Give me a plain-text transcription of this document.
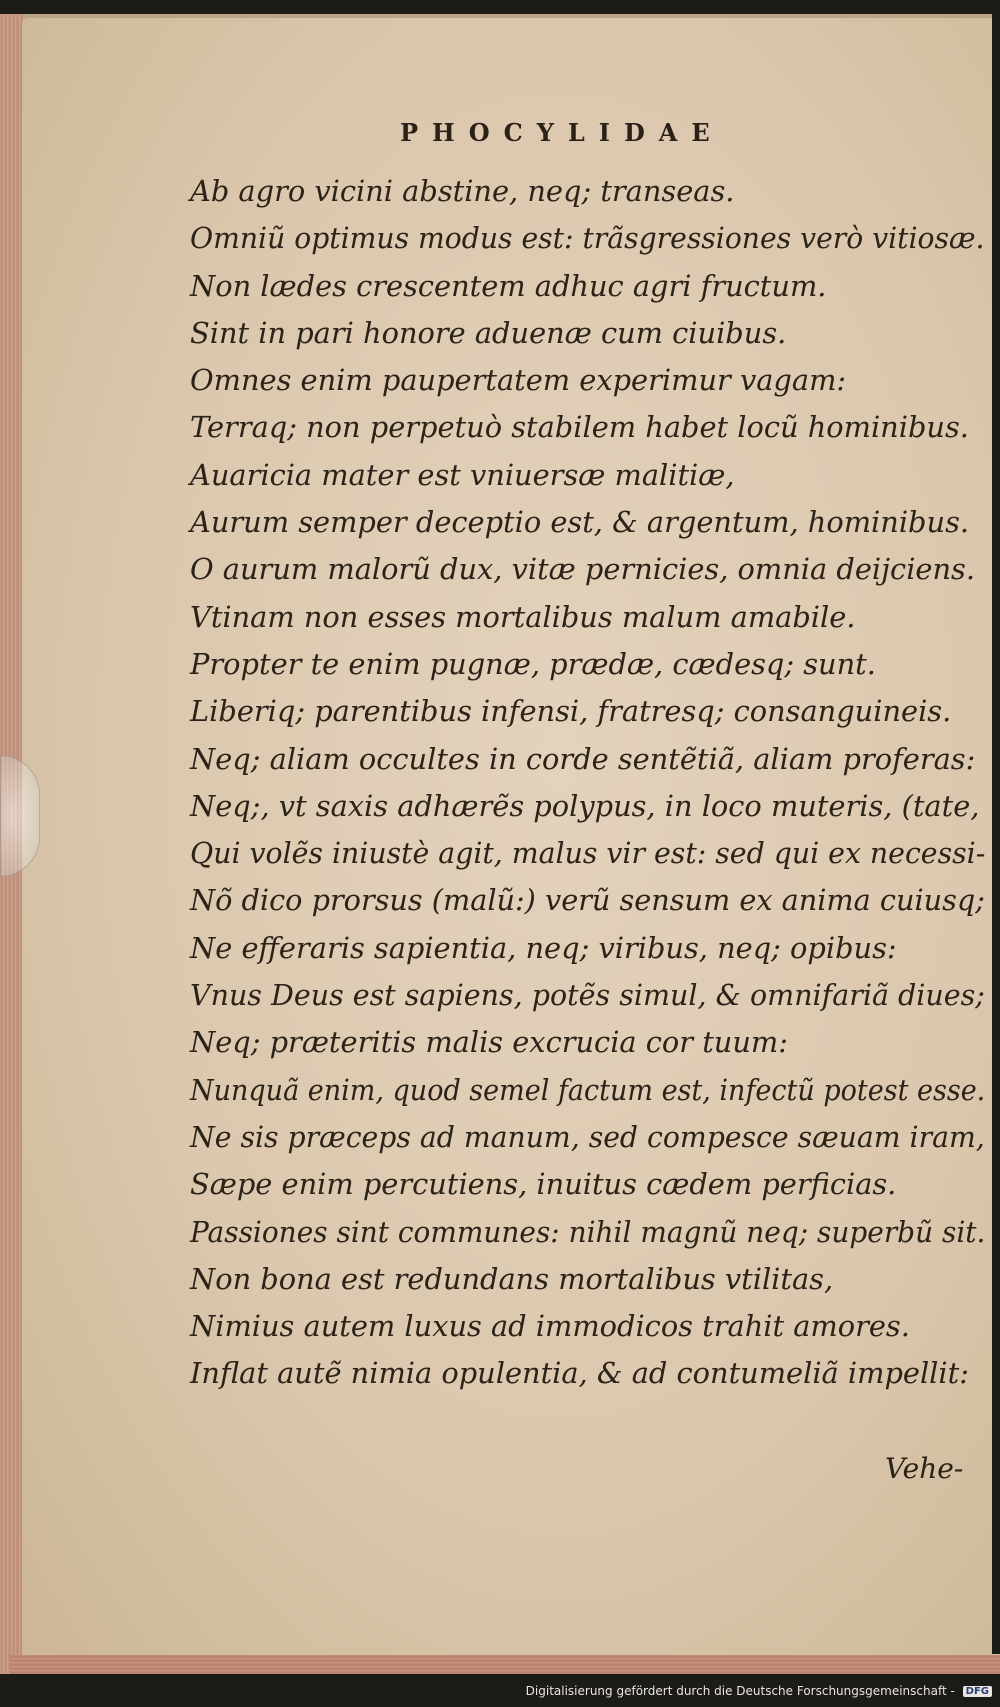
PHOCYLIDAE
Ab agro vicini abstine, neq; transeas.
Omniũ optimus modus est: trãsgressiones verò vitiosæ.
Non lædes crescentem adhuc agri fructum.
Sint in pari honore aduenæ cum ciuibus.
Omnes enim paupertatem experimur vagam:
Terraq; non perpetuò stabilem habet locũ hominibus.
Auaricia mater est vniuersæ malitiæ,
Aurum semper deceptio est, & argentum, hominibus.
O aurum malorũ dux, vitæ pernicies, omnia deijciens.
Vtinam non esses mortalibus malum amabile.
Propter te enim pugnæ, prædæ, cædesq; sunt.
Liberiq; parentibus infensi, fratresq; consanguineis.
Neq; aliam occultes in corde sentẽtiã, aliam proferas:
Neq;, vt saxis adhærẽs polypus, in loco muteris, (tate,
Qui volẽs iniustè agit, malus vir est: sed qui ex necessi-
Nõ dico prorsus (malũ:) verũ sensum ex anima cuiusq;
Ne efferaris sapientia, neq; viribus, neq; opibus:
Vnus Deus est sapiens, potẽs simul, & omnifariã diues;
Neq; præteritis malis excrucia cor tuum:
Nunquã enim, quod semel factum est, infectũ potest esse.
Ne sis præceps ad manum, sed compesce sæuam iram,
Sæpe enim percutiens, inuitus cædem perficias.
Passiones sint communes: nihil magnũ neq; superbũ sit.
Non bona est redundans mortalibus vtilitas,
Nimius autem luxus ad immodicos trahit amores.
Inflat autẽ nimia opulentia, & ad contumeliã impellit:
Vehe-
Digitalisierung gefördert durch die Deutsche Forschungsgemeinschaft - DFG
